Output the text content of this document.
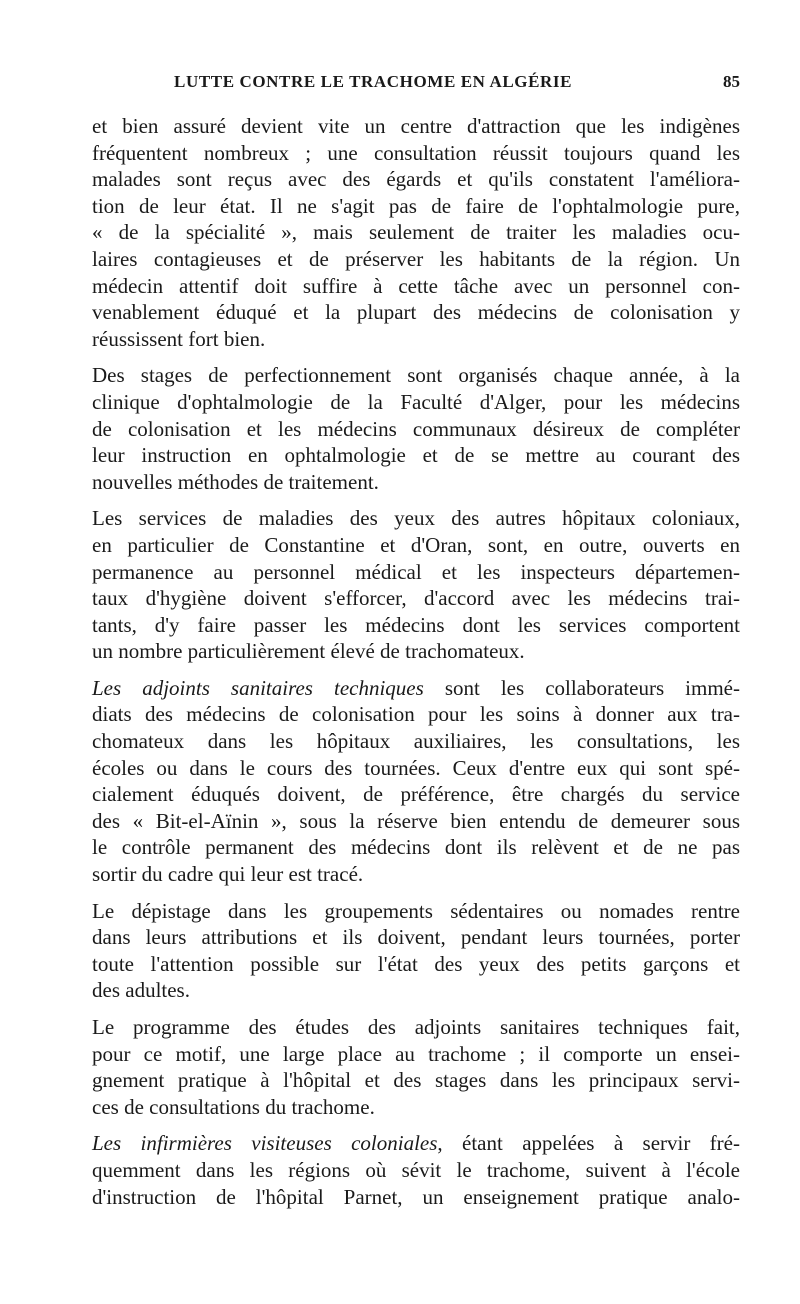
LUTTE CONTRE LE TRACHOME EN ALGÉRIE	85
et bien assuré devient vite un centre d'attraction que les indigènes
fréquentent nombreux ; une consultation réussit toujours quand les
malades sont reçus avec des égards et qu'ils constatent l'améliora-
tion de leur état. Il ne s'agit pas de faire de l'ophtalmologie pure,
« de la spécialité », mais seulement de traiter les maladies ocu-
laires contagieuses et de préserver les habitants de la région. Un
médecin attentif doit suffire à cette tâche avec un personnel con-
venablement éduqué et la plupart des médecins de colonisation y
réussissent fort bien.
Des stages de perfectionnement sont organisés chaque année, à la
clinique d'ophtalmologie de la Faculté d'Alger, pour les médecins
de colonisation et les médecins communaux désireux de compléter
leur instruction en ophtalmologie et de se mettre au courant des
nouvelles méthodes de traitement.
Les services de maladies des yeux des autres hôpitaux coloniaux,
en particulier de Constantine et d'Oran, sont, en outre, ouverts en
permanence au personnel médical et les inspecteurs départemen-
taux d'hygiène doivent s'efforcer, d'accord avec les médecins trai-
tants, d'y faire passer les médecins dont les services comportent
un nombre particulièrement élevé de trachomateux.
Les adjoints sanitaires techniques sont les collaborateurs immé-
diats des médecins de colonisation pour les soins à donner aux tra-
chomateux dans les hôpitaux auxiliaires, les consultations, les
écoles ou dans le cours des tournées. Ceux d'entre eux qui sont spé-
cialement éduqués doivent, de préférence, être chargés du service
des « Bit-el-Aïnin », sous la réserve bien entendu de demeurer sous
le contrôle permanent des médecins dont ils relèvent et de ne pas
sortir du cadre qui leur est tracé.
Le dépistage dans les groupements sédentaires ou nomades rentre
dans leurs attributions et ils doivent, pendant leurs tournées, porter
toute l'attention possible sur l'état des yeux des petits garçons et
des adultes.
Le programme des études des adjoints sanitaires techniques fait,
pour ce motif, une large place au trachome ; il comporte un ensei-
gnement pratique à l'hôpital et des stages dans les principaux servi-
ces de consultations du trachome.
Les infirmières visiteuses coloniales, étant appelées à servir fré-
quemment dans les régions où sévit le trachome, suivent à l'école
d'instruction de l'hôpital Parnet, un enseignement pratique analo-
